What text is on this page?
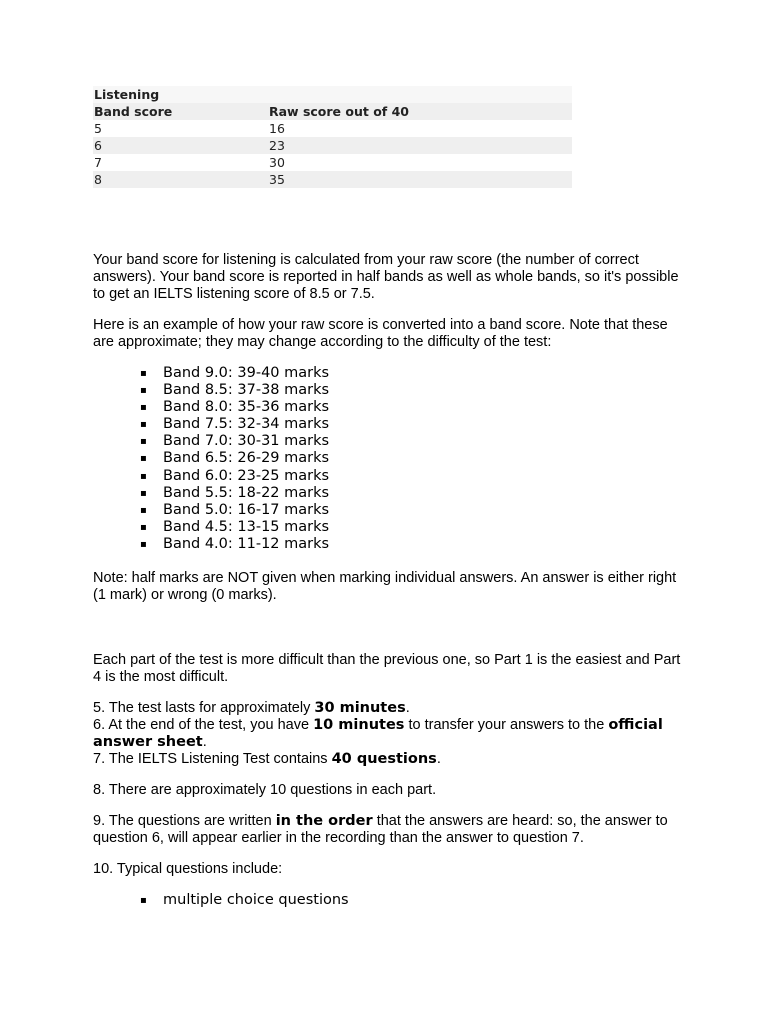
Listening	
Band score	Raw score out of 40
5	16
6	23
7	30
8	35

Your band score for listening is calculated from your raw score (the number of correct answers). Your band score is reported in half bands as well as whole bands, so it's possible to get an IELTS listening score of 8.5 or 7.5.

Here is an example of how your raw score is converted into a band score. Note that these are approximate; they may change according to the difficulty of the test:

▪ Band 9.0: 39-40 marks
▪ Band 8.5: 37-38 marks
▪ Band 8.0: 35-36 marks
▪ Band 7.5: 32-34 marks
▪ Band 7.0: 30-31 marks
▪ Band 6.5: 26-29 marks
▪ Band 6.0: 23-25 marks
▪ Band 5.5: 18-22 marks
▪ Band 5.0: 16-17 marks
▪ Band 4.5: 13-15 marks
▪ Band 4.0: 11-12 marks

Note: half marks are NOT given when marking individual answers. An answer is either right (1 mark) or wrong (0 marks).

Each part of the test is more difficult than the previous one, so Part 1 is the easiest and Part 4 is the most difficult.

5. The test lasts for approximately 30 minutes.
6. At the end of the test, you have 10 minutes to transfer your answers to the official answer sheet.
7. The IELTS Listening Test contains 40 questions.

8. There are approximately 10 questions in each part.

9. The questions are written in the order that the answers are heard: so, the answer to question 6, will appear earlier in the recording than the answer to question 7.

10. Typical questions include:

▪ multiple choice questions
